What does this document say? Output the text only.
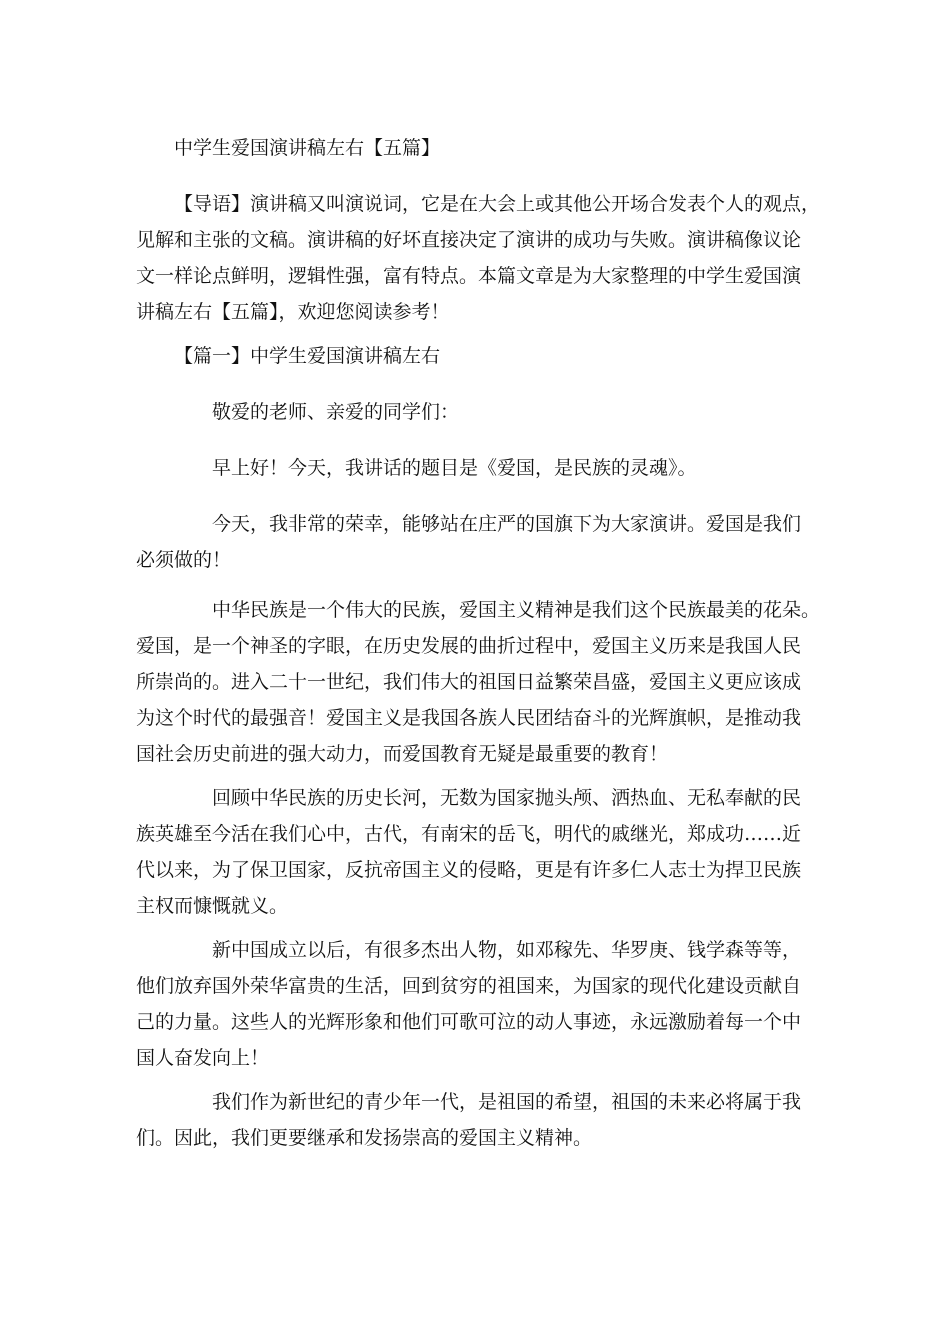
中学生爱国演讲稿左右【五篇】
【导语】演讲稿又叫演说词，它是在大会上或其他公开场合发表个人的观点，
见解和主张的文稿。演讲稿的好坏直接决定了演讲的成功与失败。演讲稿像议论
文一样论点鲜明，逻辑性强，富有特点。本篇文章是为大家整理的中学生爱国演
讲稿左右【五篇】，欢迎您阅读参考！
【篇一】中学生爱国演讲稿左右
敬爱的老师、亲爱的同学们：
早上好！今天，我讲话的题目是《爱国，是民族的灵魂》。
今天，我非常的荣幸，能够站在庄严的国旗下为大家演讲。爱国是我们
必须做的！
中华民族是一个伟大的民族，爱国主义精神是我们这个民族最美的花朵。
爱国，是一个神圣的字眼，在历史发展的曲折过程中，爱国主义历来是我国人民
所崇尚的。进入二十一世纪，我们伟大的祖国日益繁荣昌盛，爱国主义更应该成
为这个时代的最强音！爱国主义是我国各族人民团结奋斗的光辉旗帜，是推动我
国社会历史前进的强大动力，而爱国教育无疑是最重要的教育！
回顾中华民族的历史长河，无数为国家抛头颅、洒热血、无私奉献的民
族英雄至今活在我们心中，古代，有南宋的岳飞，明代的戚继光，郑成功……近
代以来，为了保卫国家，反抗帝国主义的侵略，更是有许多仁人志士为捍卫民族
主权而慷慨就义。
新中国成立以后，有很多杰出人物，如邓稼先、华罗庚、钱学森等等，
他们放弃国外荣华富贵的生活，回到贫穷的祖国来，为国家的现代化建设贡献自
己的力量。这些人的光辉形象和他们可歌可泣的动人事迹，永远激励着每一个中
国人奋发向上！
我们作为新世纪的青少年一代，是祖国的希望，祖国的未来必将属于我
们。因此，我们更要继承和发扬崇高的爱国主义精神。
